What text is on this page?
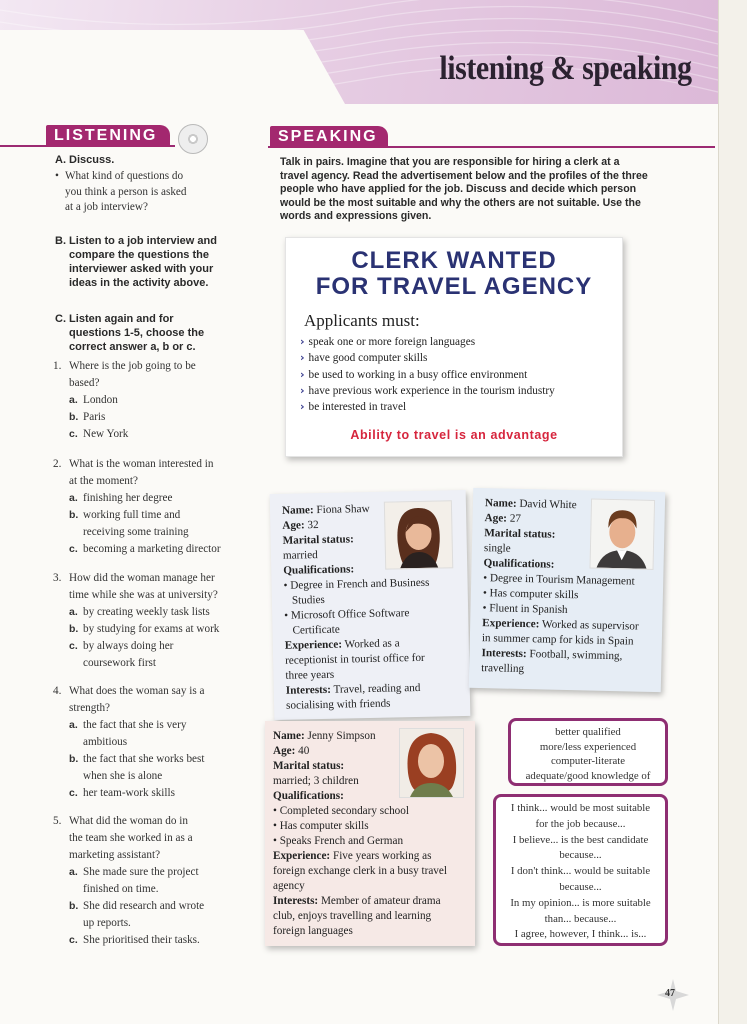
listening & speaking
LISTENING	SPEAKING
A. Discuss.
• What kind of questions do
you think a person is asked
at a job interview?
B. Listen to a job interview and
compare the questions the
interviewer asked with your
ideas in the activity above.
C. Listen again and for
questions 1-5, choose the
correct answer a, b or c.
1. Where is the job going to be
based?
a. London
b. Paris
c. New York
2. What is the woman interested in
at the moment?
a. finishing her degree
b. working full time and
receiving some training
c. becoming a marketing director
3. How did the woman manage her
time while she was at university?
a. by creating weekly task lists
b. by studying for exams at work
c. by always doing her
coursework first
4. What does the woman say is a
strength?
a. the fact that she is very
ambitious
b. the fact that she works best
when she is alone
c. her team-work skills
5. What did the woman do in
the team she worked in as a
marketing assistant?
a. She made sure the project
finished on time.
b. She did research and wrote
up reports.
c. She prioritised their tasks.
Talk in pairs. Imagine that you are responsible for hiring a clerk at a
travel agency. Read the advertisement below and the profiles of the three
people who have applied for the job. Discuss and decide which person
would be the most suitable and why the others are not suitable. Use the
words and expressions given.
CLERK WANTED
FOR TRAVEL AGENCY
Applicants must:
› speak one or more foreign languages
› have good computer skills
› be used to working in a busy office environment
› have previous work experience in the tourism industry
› be interested in travel
Ability to travel is an advantage
Name: Fiona Shaw
Age: 32
Marital status:
married
Qualifications:
• Degree in French and Business
Studies
• Microsoft Office Software
Certificate
Experience: Worked as a
receptionist in tourist office for
three years
Interests: Travel, reading and
socialising with friends
Name: David White
Age: 27
Marital status:
single
Qualifications:
• Degree in Tourism Management
• Has computer skills
• Fluent in Spanish
Experience: Worked as supervisor
in summer camp for kids in Spain
Interests: Football, swimming,
travelling
Name: Jenny Simpson
Age: 40
Marital status:
married; 3 children
Qualifications:
• Completed secondary school
• Has computer skills
• Speaks French and German
Experience: Five years working as
foreign exchange clerk in a busy travel
agency
Interests: Member of amateur drama
club, enjoys travelling and learning
foreign languages
better qualified
more/less experienced
computer-literate
adequate/good knowledge of
I think... would be most suitable
for the job because...
I believe... is the best candidate
because...
I don't think... would be suitable
because...
In my opinion... is more suitable
than... because...
I agree, however, I think... is...
47
